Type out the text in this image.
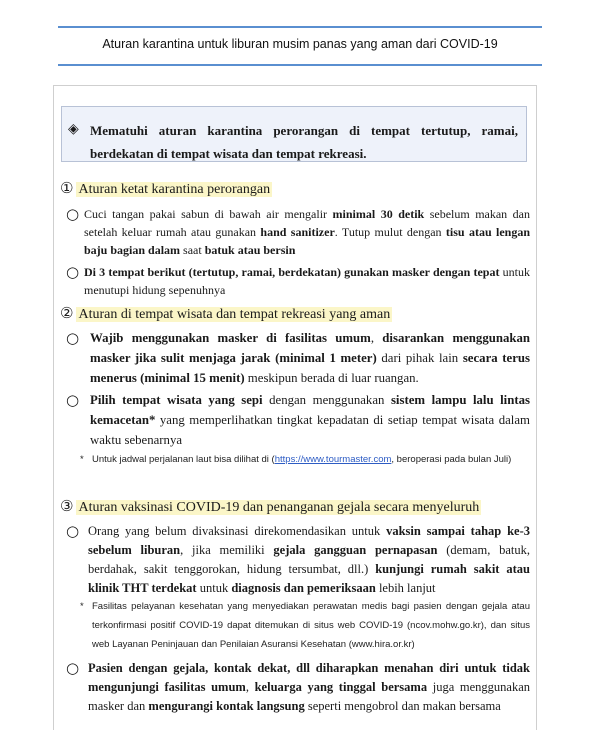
Aturan karantina untuk liburan musim panas yang aman dari COVID-19
◈ Mematuhi aturan karantina perorangan di tempat tertutup, ramai, berdekatan di tempat wisata dan tempat rekreasi.
① Aturan ketat karantina perorangan
○ Cuci tangan pakai sabun di bawah air mengalir minimal 30 detik sebelum makan dan setelah keluar rumah atau gunakan hand sanitizer. Tutup mulut dengan tisu atau lengan baju bagian dalam saat batuk atau bersin
○ Di 3 tempat berikut (tertutup, ramai, berdekatan) gunakan masker dengan tepat untuk menutupi hidung sepenuhnya
② Aturan di tempat wisata dan tempat rekreasi yang aman
○ Wajib menggunakan masker di fasilitas umum, disarankan menggunakan masker jika sulit menjaga jarak (minimal 1 meter) dari pihak lain secara terus menerus (minimal 15 menit) meskipun berada di luar ruangan.
○ Pilih tempat wisata yang sepi dengan menggunakan sistem lampu lalu lintas kemacetan* yang memperlihatkan tingkat kepadatan di setiap tempat wisata dalam waktu sebenarnya
* Untuk jadwal perjalanan laut bisa dilihat di (https://www.tourmaster.com, beroperasi pada bulan Juli)
③ Aturan vaksinasi COVID-19 dan penanganan gejala secara menyeluruh
○ Orang yang belum divaksinasi direkomendasikan untuk vaksin sampai tahap ke-3 sebelum liburan, jika memiliki gejala gangguan pernapasan (demam, batuk, berdahak, sakit tenggorokan, hidung tersumbat, dll.) kunjungi rumah sakit atau klinik THT terdekat untuk diagnosis dan pemeriksaan lebih lanjut
* Fasilitas pelayanan kesehatan yang menyediakan perawatan medis bagi pasien dengan gejala atau terkonfirmasi positif COVID-19 dapat ditemukan di situs web COVID-19 (ncov.mohw.go.kr), dan situs web Layanan Peninjauan dan Penilaian Asuransi Kesehatan (www.hira.or.kr)
○ Pasien dengan gejala, kontak dekat, dll diharapkan menahan diri untuk tidak mengunjungi fasilitas umum, keluarga yang tinggal bersama juga menggunakan masker dan mengurangi kontak langsung seperti mengobrol dan makan bersama
